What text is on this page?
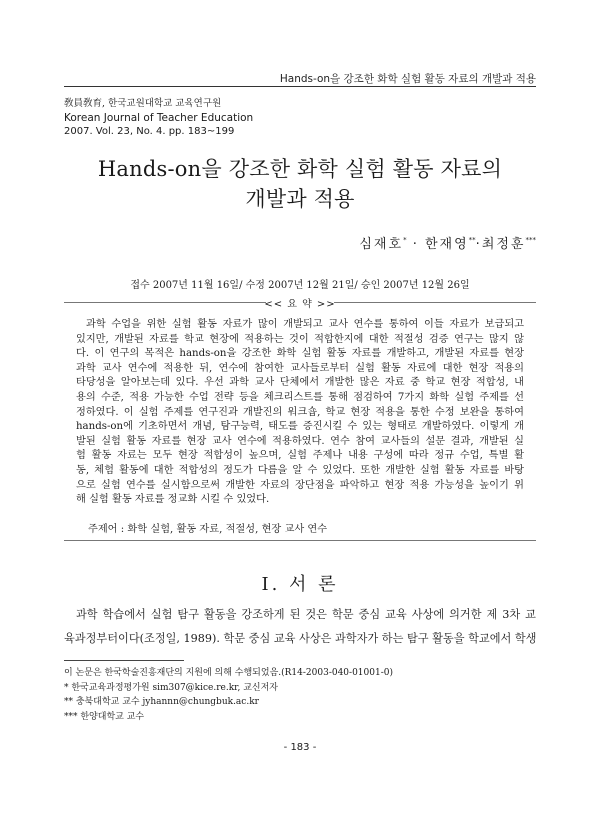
Hands-on을 강조한 화학 실험 활동 자료의 개발과 적용
敎員敎育, 한국교원대학교 교육연구원
Korean Journal of Teacher Education
2007. Vol. 23, No. 4. pp. 183~199
Hands-on을 강조한 화학 실험 활동 자료의
개발과 적용
심재호* · 한재영**·최정훈***
접수 2007년 11월 16일/ 수정 2007년 12월 21일/ 승인 2007년 12월 26일
<< 요 약 >>
과학 수업을 위한 실험 활동 자료가 많이 개발되고 교사 연수를 통하여 이들 자료가 보급되고
있지만, 개발된 자료를 학교 현장에 적용하는 것이 적합한지에 대한 적절성 검증 연구는 많지 않
다. 이 연구의 목적은 hands-on을 강조한 화학 실험 활동 자료를 개발하고, 개발된 자료를 현장
과학 교사 연수에 적용한 뒤, 연수에 참여한 교사들로부터 실험 활동 자료에 대한 현장 적용의
타당성을 알아보는데 있다. 우선 과학 교사 단체에서 개발한 많은 자료 중 학교 현장 적합성, 내
용의 수준, 적용 가능한 수업 전략 등을 체크리스트를 통해 점검하여 7가지 화학 실험 주제를 선
정하였다. 이 실험 주제를 연구진과 개발진의 워크숍, 학교 현장 적용을 통한 수정 보완을 통하여
hands-on에 기초하면서 개념, 탐구능력, 태도를 증진시킬 수 있는 형태로 개발하였다. 이렇게 개
발된 실험 활동 자료를 현장 교사 연수에 적용하였다. 연수 참여 교사들의 설문 결과, 개발된 실
험 활동 자료는 모두 현장 적합성이 높으며, 실험 주제나 내용 구성에 따라 정규 수업, 특별 활
동, 체험 활동에 대한 적합성의 정도가 다름을 알 수 있었다. 또한 개발한 실험 활동 자료를 바탕
으로 실험 연수를 실시함으로써 개발한 자료의 장단점을 파악하고 현장 적용 가능성을 높이기 위
해 실험 활동 자료를 정교화 시킬 수 있었다.
주제어 : 화학 실험, 활동 자료, 적절성, 현장 교사 연수
Ⅰ. 서 론
과학 학습에서 실험 탐구 활동을 강조하게 된 것은 학문 중심 교육 사상에 의거한 제 3차 교
육과정부터이다(조정일, 1989). 학문 중심 교육 사상은 과학자가 하는 탐구 활동을 학교에서 학생
이 논문은 한국학술진흥재단의 지원에 의해 수행되었음.(R14-2003-040-01001-0)
* 한국교육과정평가원 sim307@kice.re.kr, 교신저자
** 충북대학교 교수 jyhannn@chungbuk.ac.kr
*** 한양대학교 교수
- 183 -
